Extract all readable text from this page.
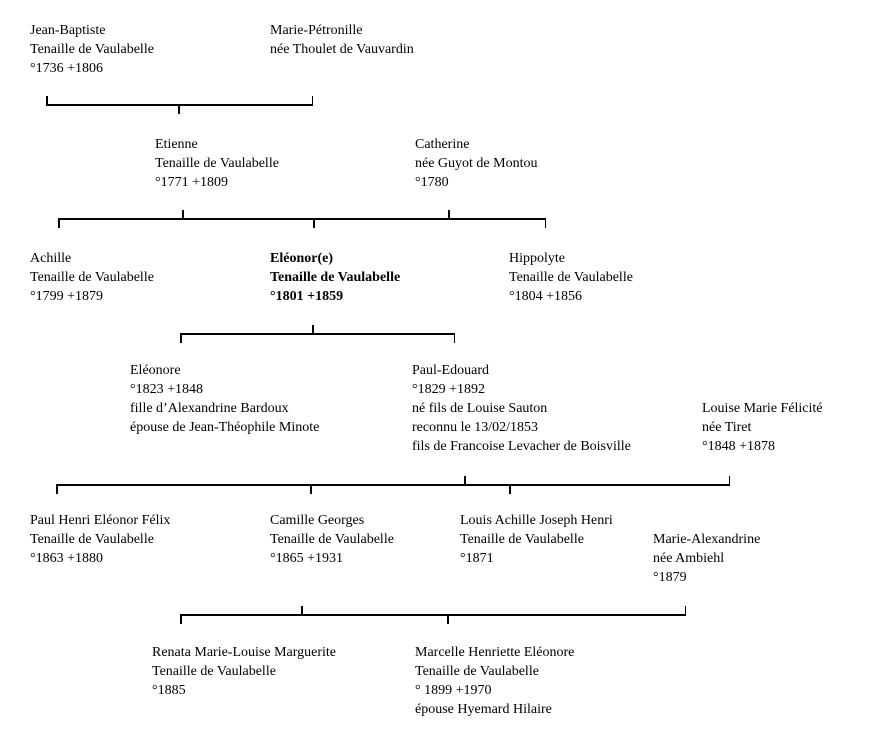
Jean-Baptiste
Tenaille de Vaulabelle
°1736 +1806
Marie-Pétronille
née Thoulet de Vauvardin
Etienne
Tenaille de Vaulabelle
°1771 +1809
Catherine
née Guyot de Montou
°1780
Achille
Tenaille de Vaulabelle
°1799 +1879
Eléonor(e)
Tenaille de Vaulabelle
°1801 +1859
Hippolyte
Tenaille de Vaulabelle
°1804 +1856
Eléonore
°1823 +1848
fille d’Alexandrine Bardoux
épouse de Jean-Théophile Minote
Paul-Edouard
°1829 +1892
né fils de Louise Sauton
reconnu le 13/02/1853
fils de Francoise Levacher de Boisville
Louise Marie Félicité
née Tiret
°1848 +1878
Paul Henri Eléonor Félix
Tenaille de Vaulabelle
°1863 +1880
Camille Georges
Tenaille de Vaulabelle
°1865 +1931
Louis Achille Joseph Henri
Tenaille de Vaulabelle
°1871
Marie-Alexandrine
née Ambiehl
°1879
Renata Marie-Louise Marguerite
Tenaille de Vaulabelle
°1885
Marcelle Henriette Eléonore
Tenaille de Vaulabelle
° 1899 +1970
épouse Hyemard Hilaire
